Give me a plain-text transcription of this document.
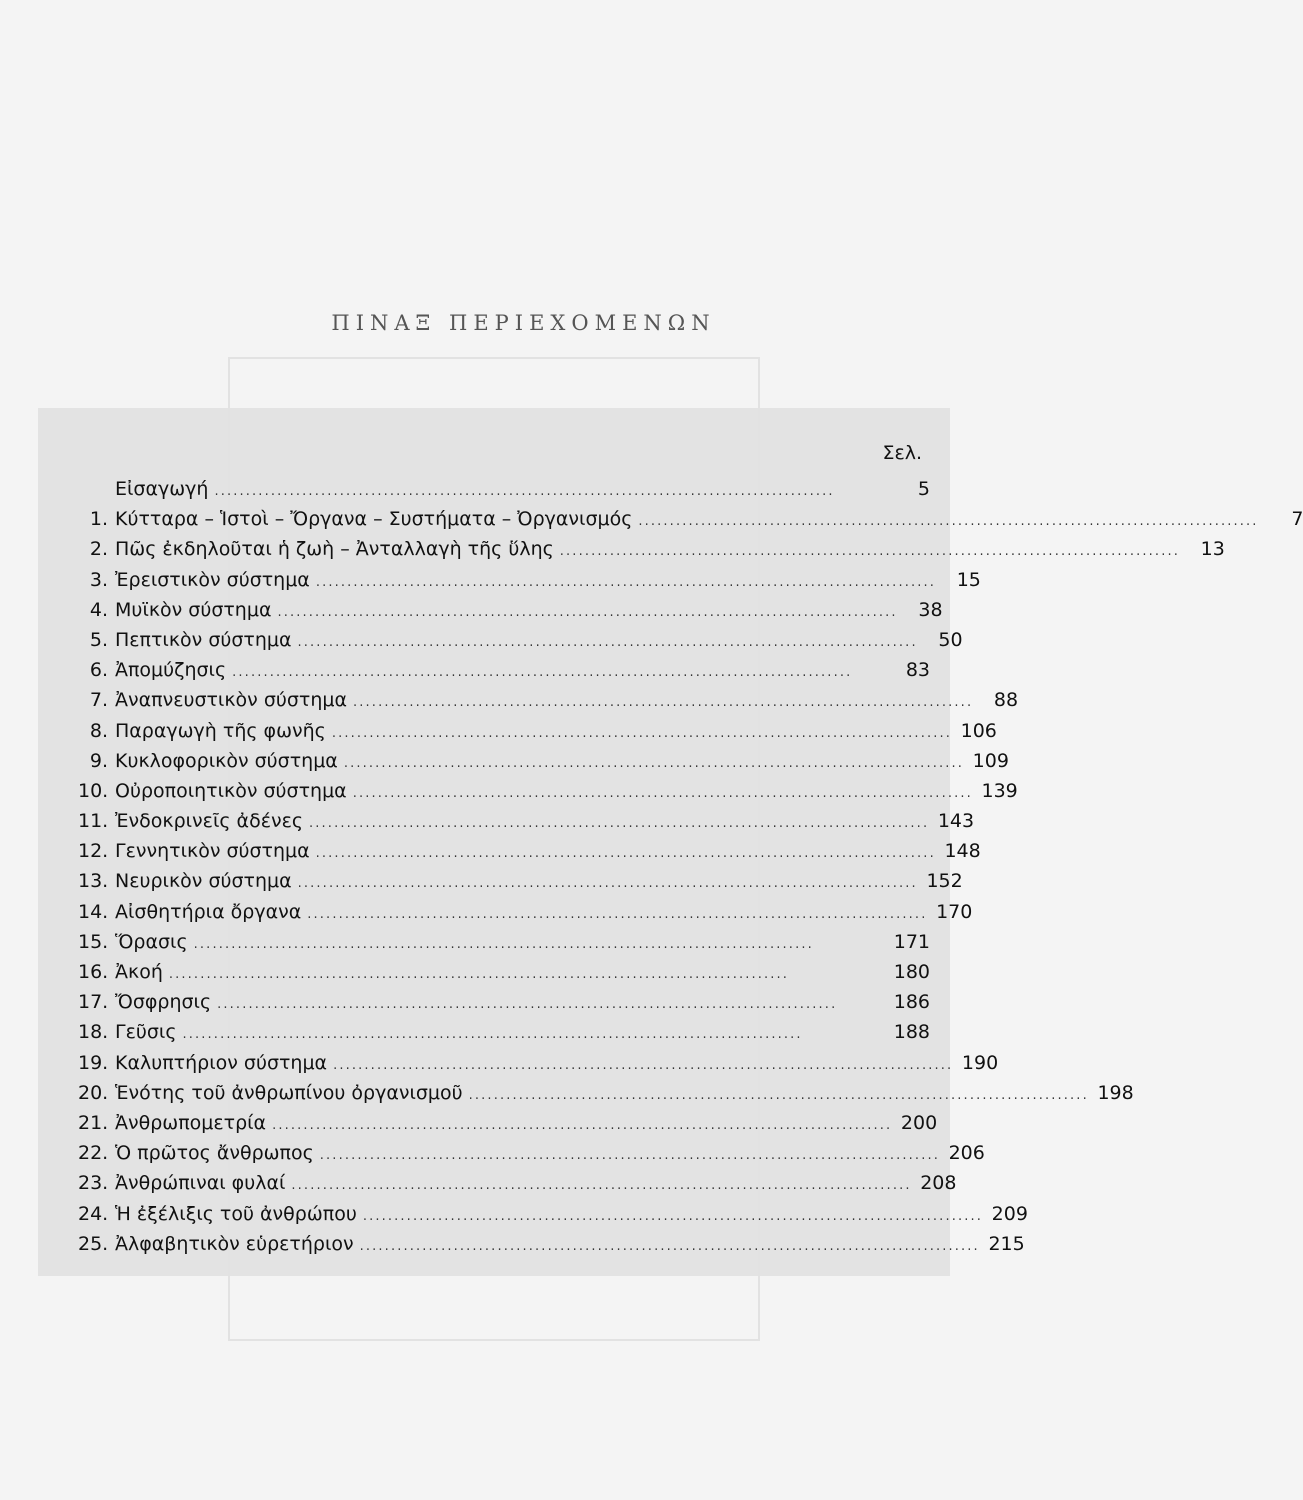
ΠΙΝΑΞ ΠΕΡΙΕΧΟΜΕΝΩΝ
Σελ.
Εἰσαγωγή . . .	5
1. Κύτταρα – Ἱστοὶ – Ὄργανα – Συστήματα – Ὀργανισμός . . .	7
2. Πῶς ἐκδηλοῦται ἡ ζωὴ – Ἀνταλλαγὴ τῆς ὕλης . . .	13
3. Ἐρειστικὸν σύστημα . . .	15
4. Μυϊκὸν σύστημα . . .	38
5. Πεπτικὸν σύστημα . . .	50
6. Ἀπομύζησις . . .	83
7. Ἀναπνευστικὸν σύστημα . . .	88
8. Παραγωγὴ τῆς φωνῆς . . .	106
9. Κυκλοφορικὸν σύστημα . . .	109
10. Οὐροποιητικὸν σύστημα . . .	139
11. Ἐνδοκρινεῖς ἀδένες . . .	143
12. Γεννητικὸν σύστημα . . .	148
13. Νευρικὸν σύστημα . . .	152
14. Αἰσθητήρια ὄργανα . . .	170
15. Ὅρασις . . .	171
16. Ἀκοή . . .	180
17. Ὄσφρησις . . .	186
18. Γεῦσις . . .	188
19. Καλυπτήριον σύστημα . . .	190
20. Ἑνότης τοῦ ἀνθρωπίνου ὀργανισμοῦ . . .	198
21. Ἀνθρωπομετρία . . .	200
22. Ὁ πρῶτος ἄνθρωπος . . .	206
23. Ἀνθρώπιναι φυλαί . . .	208
24. Ἡ ἐξέλιξις τοῦ ἀνθρώπου . . .	209
25. Ἀλφαβητικὸν εὑρετήριον . . .	215
